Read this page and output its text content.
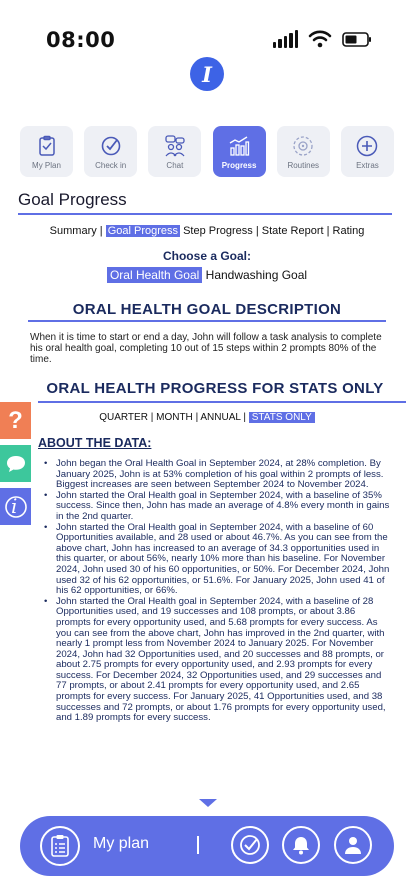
08:00
I
My Plan	Check in	Chat	Progress	Routines	Extras
Goal Progress
Summary | Goal Progress Step Progress | State Report | Rating
Choose a Goal:
Oral Health Goal Handwashing Goal
ORAL HEALTH GOAL DESCRIPTION
When it is time to start or end a day, John will follow a task analysis to complete his oral health goal, completing 10 out of 15 steps within 2 prompts 80% of the time.
ORAL HEALTH PROGRESS FOR STATS ONLY
QUARTER | MONTH | ANNUAL | STATS ONLY
ABOUT THE DATA:
• John began the Oral Health Goal in September 2024, at 28% completion. By January 2025, John is at 53% completion of his goal within 2 prompts of less. Biggest increases are seen between September 2024 to November 2024.
• John started the Oral Health goal in September 2024, with a baseline of 35% success. Since then, John has made an average of 4.8% every month in gains in the 2nd quarter.
• John started the Oral Health goal in September 2024, with a baseline of 60 Opportunities available, and 28 used or about 46.7%. As you can see from the above chart, John has increased to an average of 34.3 opportunities used in this quarter, or about 56%, nearly 10% more than his baseline. For November 2024, John used 30 of his 60 opportunities, or 50%. For December 2024, John used 32 of his 62 opportunities, or 51.6%. For January 2025, John used 41 of his 62 opportunities, or 66%.
• John started the Oral Health goal in September 2024, with a baseline of 28 Opportunities used, and 19 successes and 108 prompts, or about 3.86 prompts for every opportunity used, and 5.68 prompts for every success. As you can see from the above chart, John has improved in the 2nd quarter, with nearly 1 prompt less from November 2024 to January 2025. For November 2024, John had 32 Opportunities used, and 20 successes and 88 prompts, or about 2.75 prompts for every opportunity used, and 2.93 prompts for every success. For December 2024, 32 Opportunities used, and 29 successes and 77 prompts, or about 2.41 prompts for every opportunity used, and 2.65 prompts for every success. For January 2025, 41 Opportunities used, and 38 successes and 72 prompts, or about 1.76 prompts for every opportunity used, and 1.89 prompts for every success.
?
i
My plan
